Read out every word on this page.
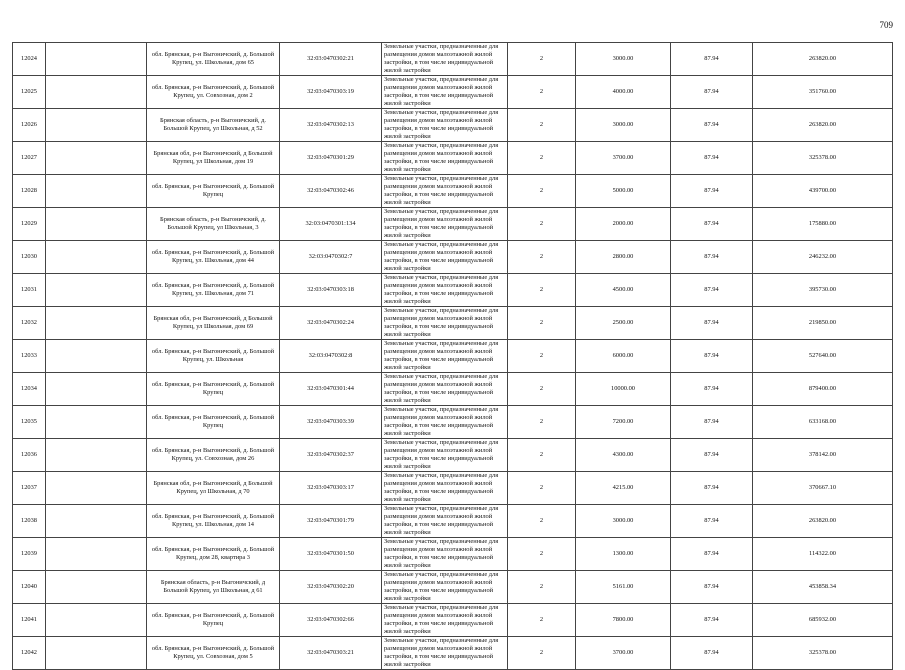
709
12024		обл. Брянская, р-н Выгоничский, д. Большой Крупец, ул. Школьная, дом 65	32:03:0470302:21	Земельные участки, предназначенные для размещения домов малоэтажной жилой застройки, в том числе индивидуальной жилой застройки	2	3000.00	87.94	263820.00
12025		обл. Брянская, р-н Выгоничский, д. Большой Крупец, ул. Совхозная, дом 2	32:03:0470303:19	Земельные участки, предназначенные для размещения домов малоэтажной жилой застройки, в том числе индивидуальной жилой застройки	2	4000.00	87.94	351760.00
12026		Брянская область, р-н Выгоничский, д. Большой Крупец, ул Школьная, д 52	32:03:0470302:13	Земельные участки, предназначенные для размещения домов малоэтажной жилой застройки, в том числе индивидуальной жилой застройки	2	3000.00	87.94	263820.00
12027		Брянская обл, р-н Выгоничский, д Большой Крупец, ул Школьная, дом 19	32:03:0470301:29	Земельные участки, предназначенные для размещения домов малоэтажной жилой застройки, в том числе индивидуальной жилой застройки	2	3700.00	87.94	325378.00
12028		обл. Брянская, р-н Выгоничский, д. Большой Крупец	32:03:0470302:46	Земельные участки, предназначенные для размещения домов малоэтажной жилой застройки, в том числе индивидуальной жилой застройки	2	5000.00	87.94	439700.00
12029		Брянская область, р-н Выгоничский, д. Большой Крупец, ул Школьная, 3	32:03:0470301:134	Земельные участки, предназначенные для размещения домов малоэтажной жилой застройки, в том числе индивидуальной жилой застройки	2	2000.00	87.94	175880.00
12030		обл. Брянская, р-н Выгоничский, д. Большой Крупец, ул. Школьная, дом 44	32:03:0470302:7	Земельные участки, предназначенные для размещения домов малоэтажной жилой застройки, в том числе индивидуальной жилой застройки	2	2800.00	87.94	246232.00
12031		обл. Брянская, р-н Выгоничский, д. Большой Крупец, ул. Школьная, дом 71	32:03:0470303:18	Земельные участки, предназначенные для размещения домов малоэтажной жилой застройки, в том числе индивидуальной жилой застройки	2	4500.00	87.94	395730.00
12032		Брянская обл, р-н Выгоничский, д Большой Крупец, ул Школьная, дом 69	32:03:0470302:24	Земельные участки, предназначенные для размещения домов малоэтажной жилой застройки, в том числе индивидуальной жилой застройки	2	2500.00	87.94	219850.00
12033		обл. Брянская, р-н Выгоничский, д. Большой Крупец, ул. Школьная	32:03:0470302:8	Земельные участки, предназначенные для размещения домов малоэтажной жилой застройки, в том числе индивидуальной жилой застройки	2	6000.00	87.94	527640.00
12034		обл. Брянская, р-н Выгоничский, д. Большой Крупец	32:03:0470301:44	Земельные участки, предназначенные для размещения домов малоэтажной жилой застройки, в том числе индивидуальной жилой застройки	2	10000.00	87.94	879400.00
12035		обл. Брянская, р-н Выгоничский, д. Большой Крупец	32:03:0470303:39	Земельные участки, предназначенные для размещения домов малоэтажной жилой застройки, в том числе индивидуальной жилой застройки	2	7200.00	87.94	633168.00
12036		обл. Брянская, р-н Выгоничский, д. Большой Крупец, ул. Совхозная, дом 26	32:03:0470302:37	Земельные участки, предназначенные для размещения домов малоэтажной жилой застройки, в том числе индивидуальной жилой застройки	2	4300.00	87.94	378142.00
12037		Брянская обл, р-н Выгоничский, д Большой Крупец, ул Школьная, д 70	32:03:0470303:17	Земельные участки, предназначенные для размещения домов малоэтажной жилой застройки, в том числе индивидуальной жилой застройки	2	4215.00	87.94	370667.10
12038		обл. Брянская, р-н Выгоничский, д. Большой Крупец, ул. Школьная, дом 14	32:03:0470301:79	Земельные участки, предназначенные для размещения домов малоэтажной жилой застройки, в том числе индивидуальной жилой застройки	2	3000.00	87.94	263820.00
12039		обл. Брянская, р-н Выгоничский, д. Большой Крупец, дом 28, квартира 3	32:03:0470301:50	Земельные участки, предназначенные для размещения домов малоэтажной жилой застройки, в том числе индивидуальной жилой застройки	2	1300.00	87.94	114322.00
12040		Брянская область, р-н Выгоничский, д Большой Крупец, ул Школьная, д 61	32:03:0470302:20	Земельные участки, предназначенные для размещения домов малоэтажной жилой застройки, в том числе индивидуальной жилой застройки	2	5161.00	87.94	453858.34
12041		обл. Брянская, р-н Выгоничский, д. Большой Крупец	32:03:0470302:66	Земельные участки, предназначенные для размещения домов малоэтажной жилой застройки, в том числе индивидуальной жилой застройки	2	7800.00	87.94	685932.00
12042		обл. Брянская, р-н Выгоничский, д. Большой Крупец, ул. Совхозная, дом 5	32:03:0470303:21	Земельные участки, предназначенные для размещения домов малоэтажной жилой застройки, в том числе индивидуальной жилой застройки	2	3700.00	87.94	325378.00
